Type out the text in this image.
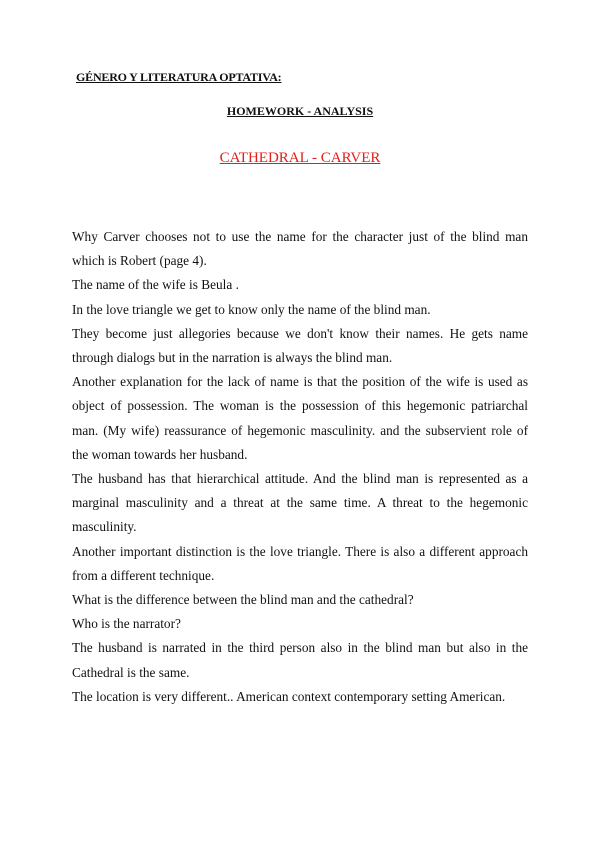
GÉNERO Y LITERATURA OPTATIVA:
HOMEWORK - ANALYSIS
CATHEDRAL - CARVER

Why Carver chooses not to use the name for the character just of the blind man which is Robert (page 4).

The name of the wife is Beula .

In the love triangle we get to know only the name of the blind man.

They become just allegories because we don't know their names. He gets name through dialogs but in the narration is always the blind man.

Another explanation for the lack of name is that the position of the wife is used as object of possession. The woman is the possession of this hegemonic patriarchal man. (My wife) reassurance of hegemonic masculinity. and the subservient role of the woman towards her husband.

The husband has that hierarchical attitude. And the blind man is represented as a marginal masculinity and a threat at the same time. A threat to the hegemonic masculinity.

Another important distinction is the love triangle. There is also a different approach from a different technique.

What is the difference between the blind man and the cathedral?

Who is the narrator?

The husband is narrated in the third person also in the blind man but also in the Cathedral is the same.

The location is very different.. American context contemporary setting American.
